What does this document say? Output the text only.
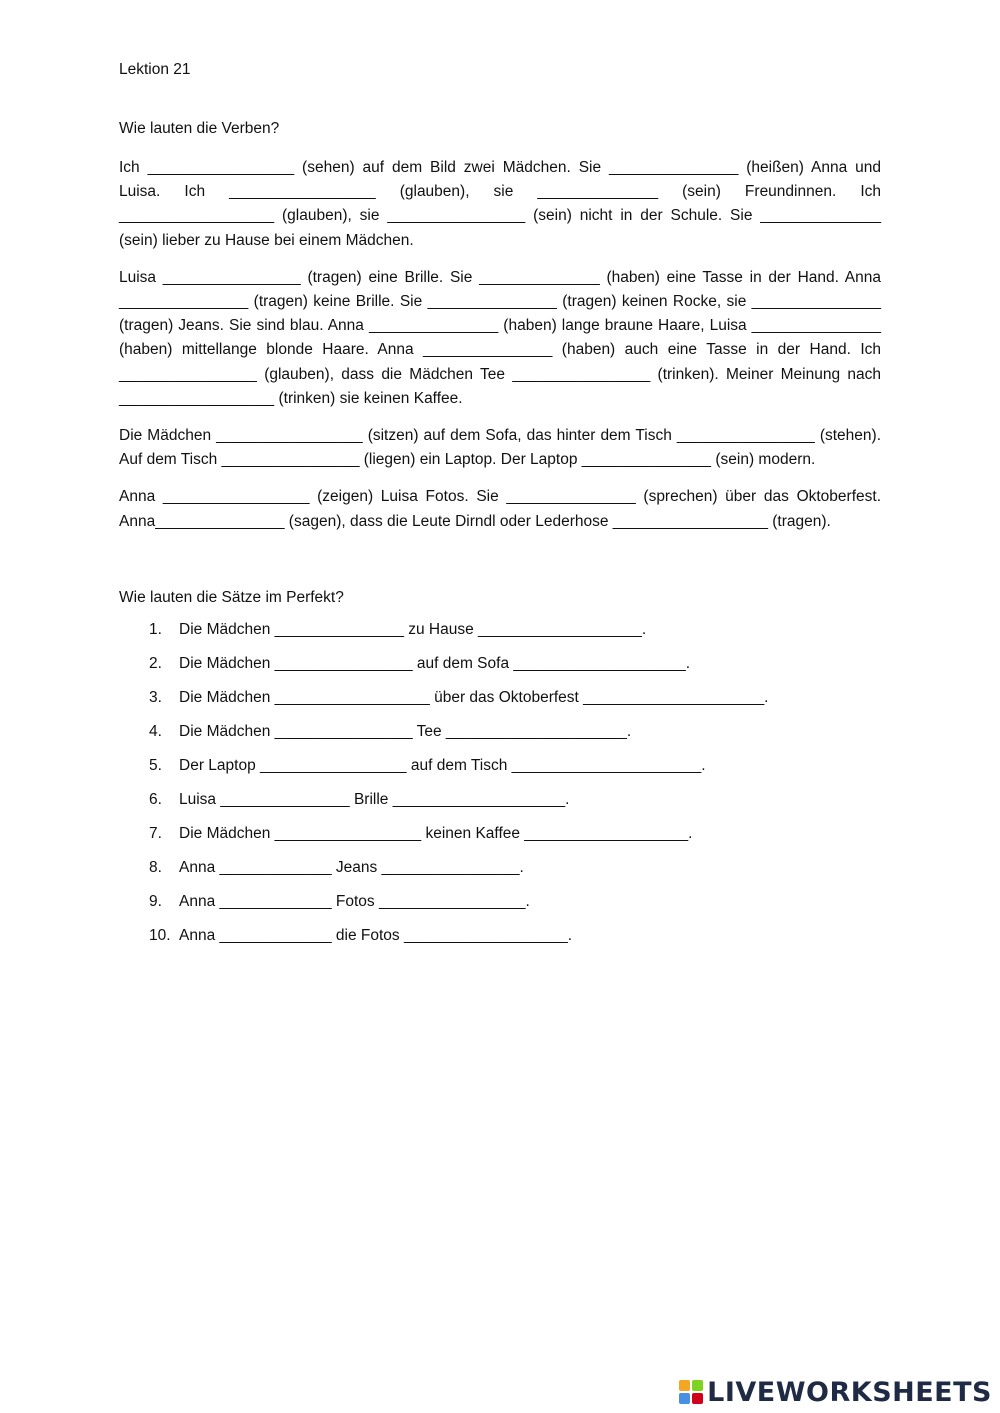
Lektion 21

Wie lauten die Verben?

Ich _________________ (sehen) auf dem Bild zwei Mädchen. Sie _______________ (heißen) Anna und Luisa. Ich _________________ (glauben), sie ______________ (sein) Freundinnen. Ich __________________ (glauben), sie ________________ (sein) nicht in der Schule. Sie ______________ (sein) lieber zu Hause bei einem Mädchen.

Luisa ________________ (tragen) eine Brille. Sie ______________ (haben) eine Tasse in der Hand. Anna _______________ (tragen) keine Brille. Sie _______________ (tragen) keinen Rocke, sie _______________ (tragen) Jeans. Sie sind blau. Anna _______________ (haben) lange braune Haare, Luisa _______________ (haben) mittellange blonde Haare. Anna _______________ (haben) auch eine Tasse in der Hand. Ich ________________ (glauben), dass die Mädchen Tee ________________ (trinken). Meiner Meinung nach __________________ (trinken) sie keinen Kaffee.

Die Mädchen _________________ (sitzen) auf dem Sofa, das hinter dem Tisch ________________ (stehen). Auf dem Tisch ________________ (liegen) ein Laptop. Der Laptop _______________ (sein) modern.

Anna _________________ (zeigen) Luisa Fotos. Sie _______________ (sprechen) über das Oktoberfest. Anna_______________ (sagen), dass die Leute Dirndl oder Lederhose __________________ (tragen).

Wie lauten die Sätze im Perfekt?

1.	Die Mädchen _______________ zu Hause ___________________.
2.	Die Mädchen ________________ auf dem Sofa ____________________.
3.	Die Mädchen __________________ über das Oktoberfest _____________________.
4.	Die Mädchen ________________ Tee _____________________.
5.	Der Laptop _________________ auf dem Tisch ______________________.
6.	Luisa _______________ Brille ____________________.
7.	Die Mädchen _________________ keinen Kaffee ___________________.
8.	Anna _____________ Jeans ________________.
9.	Anna _____________ Fotos _________________.
10. Anna _____________ die Fotos ___________________.
LIVEWORKSHEETS
